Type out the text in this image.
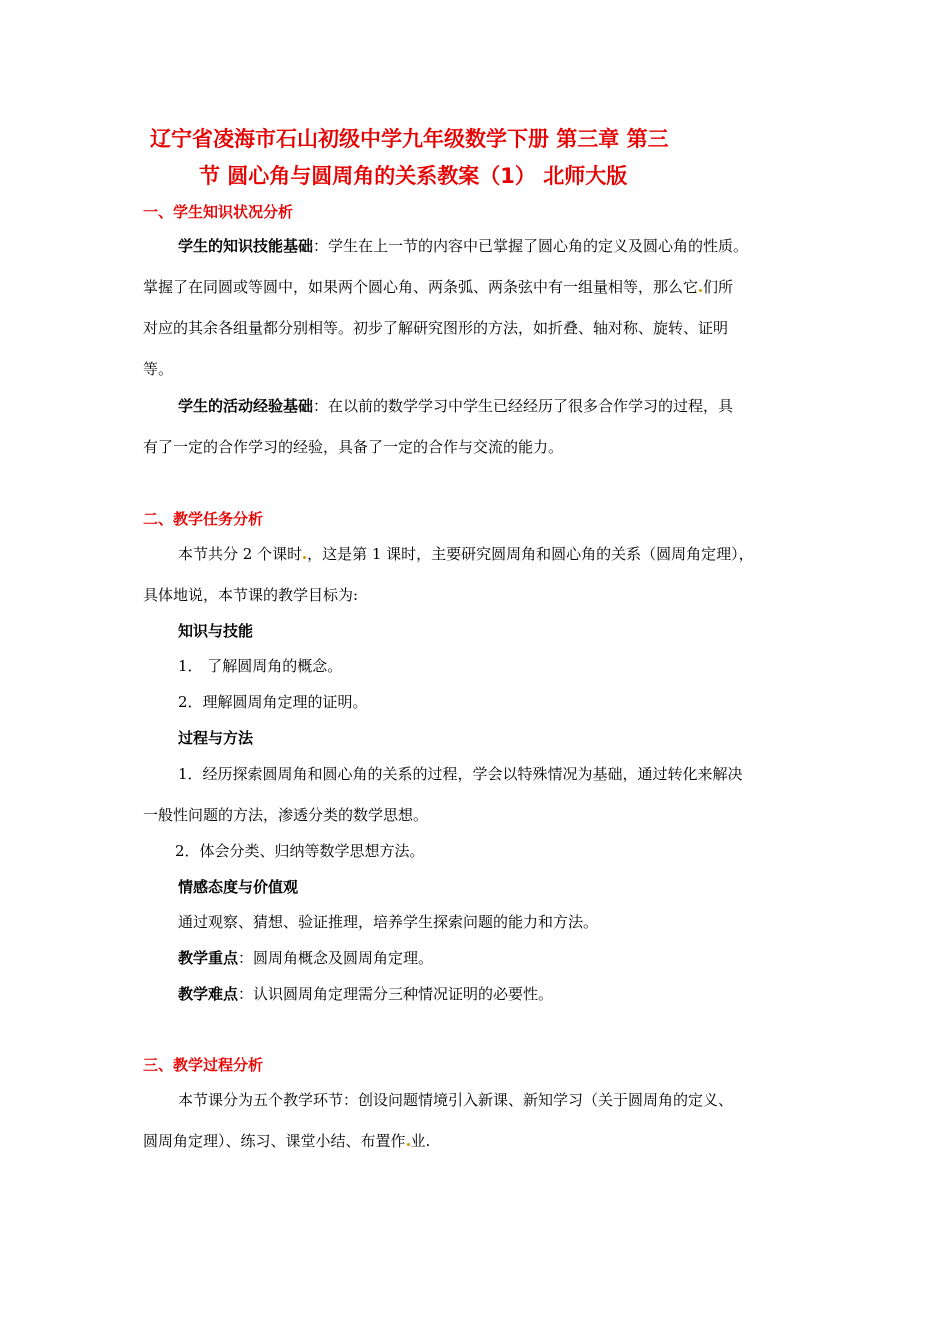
辽宁省凌海市石山初级中学九年级数学下册 第三章 第三
节 圆心角与圆周角的关系教案（1） 北师大版
一、学生知识状况分析
学生的知识技能基础：学生在上一节的内容中已掌握了圆心角的定义及圆心角的性质。
掌握了在同圆或等圆中，如果两个圆心角、两条弧、两条弦中有一组量相等，那么它 们所
对应的其余各组量都分别相等。初步了解研究图形的方法，如折叠、轴对称、旋转、证明
等。
学生的活动经验基础：在以前的数学学习中学生已经经历了很多合作学习的过程，具
有了一定的合作学习的经验，具备了一定的合作与交流的能力。
二、教学任务分析
本节共分 2 个课时 ，这是第 1 课时，主要研究圆周角和圆心角的关系（圆周角定理），
具体地说，本节课的教学目标为:
知识与技能
1． 了解圆周角的概念。
2．理解圆周角定理的证明。
过程与方法
1．经历探索圆周角和圆心角的关系的过程，学会以特殊情况为基础，通过转化来解决
一般性问题的方法，渗透分类的数学思想。
2．体会分类、归纳等数学思想方法。
情感态度与价值观
通过观察、猜想、验证推理，培养学生探索问题的能力和方法。
教学重点：圆周角概念及圆周角定理。
教学难点：认识圆周角定理需分三种情况证明的必要性。
三、教学过程分析
本节课分为五个教学环节：创设问题情境引入新课、新知学习（关于圆周角的定义、
圆周角定理）、练习、课堂小结、布置作 业.
